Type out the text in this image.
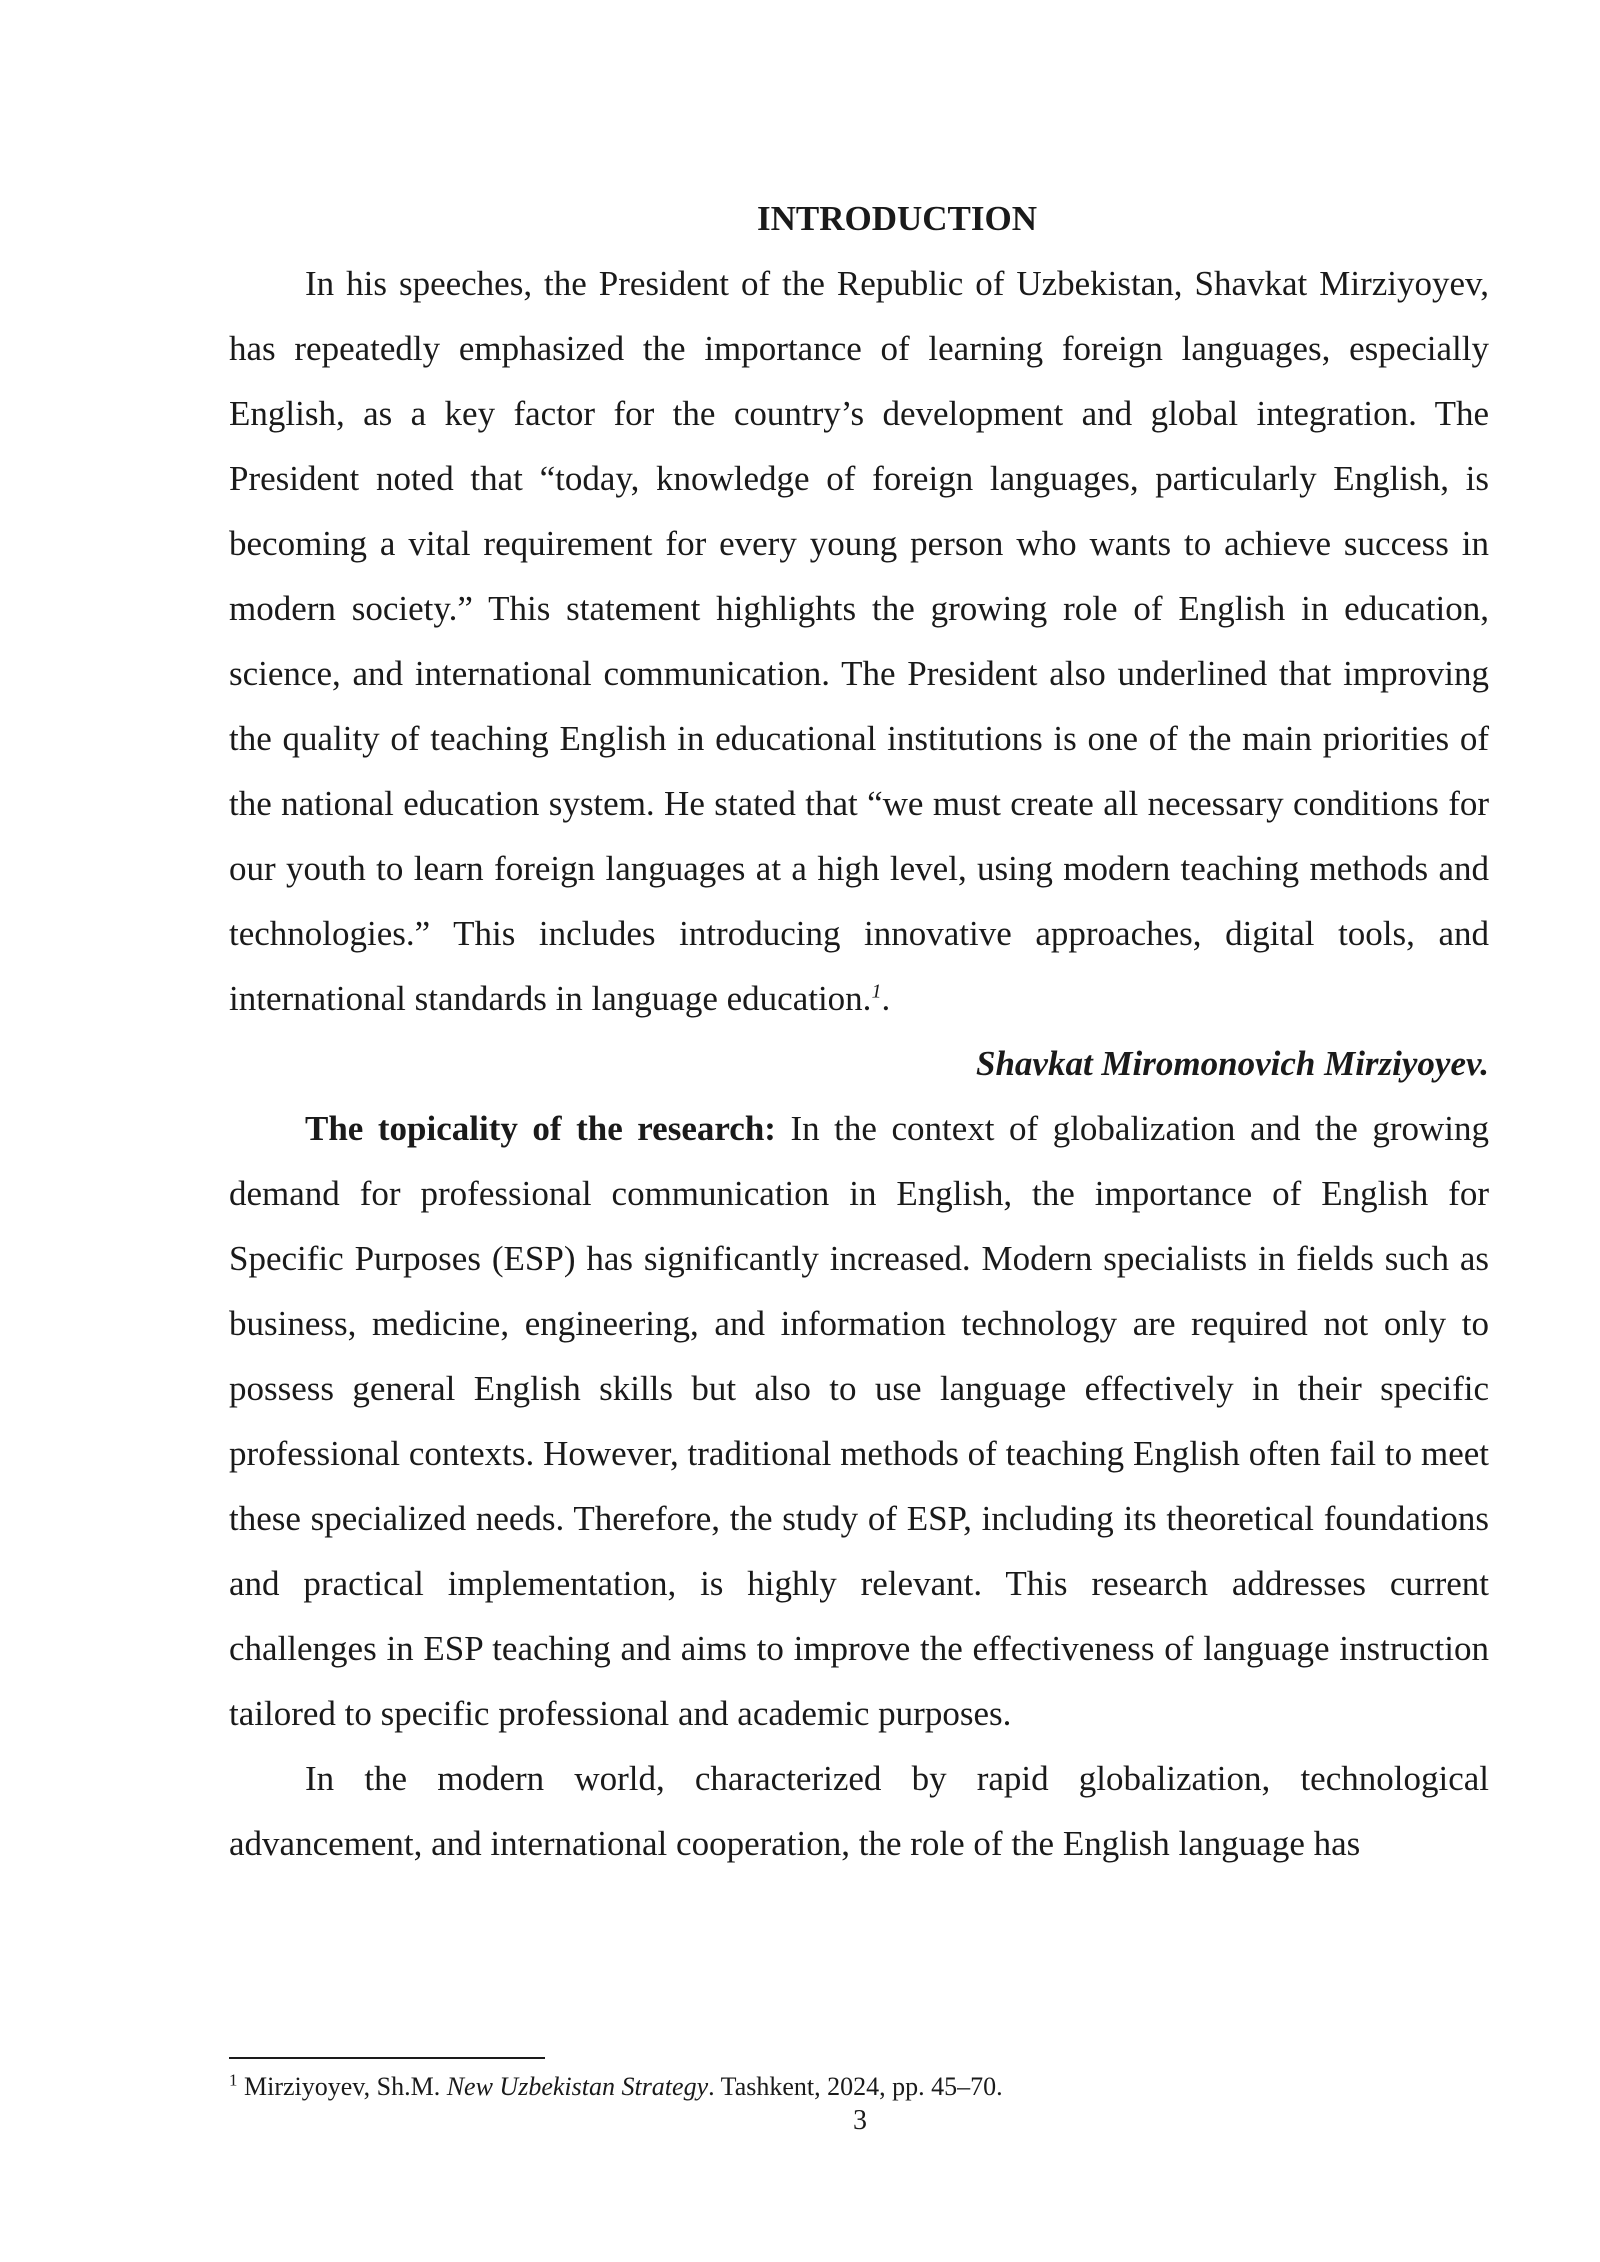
INTRODUCTION

In his speeches, the President of the Republic of Uzbekistan, Shavkat Mirziyoyev, has repeatedly emphasized the importance of learning foreign languages, especially English, as a key factor for the country’s development and global integration. The President noted that “today, knowledge of foreign languages, particularly English, is becoming a vital requirement for every young person who wants to achieve success in modern society.” This statement highlights the growing role of English in education, science, and international communication. The President also underlined that improving the quality of teaching English in educational institutions is one of the main priorities of the national education system. He stated that “we must create all necessary conditions for our youth to learn foreign languages at a high level, using modern teaching methods and technologies.” This includes introducing innovative approaches, digital tools, and international standards in language education.$^1$.

Shavkat Miromonovich Mirziyoyev.

The topicality of the research: In the context of globalization and the growing demand for professional communication in English, the importance of English for Specific Purposes (ESP) has significantly increased. Modern specialists in fields such as business, medicine, engineering, and information technology are required not only to possess general English skills but also to use language effectively in their specific professional contexts. However, traditional methods of teaching English often fail to meet these specialized needs. Therefore, the study of ESP, including its theoretical foundations and practical implementation, is highly relevant. This research addresses current challenges in ESP teaching and aims to improve the effectiveness of language instruction tailored to specific professional and academic purposes.

In the modern world, characterized by rapid globalization, technological advancement, and international cooperation, the role of the English language has

$^1$ Mirziyoyev, Sh.M. New Uzbekistan Strategy. Tashkent, 2024, pp. 45–70.

3
